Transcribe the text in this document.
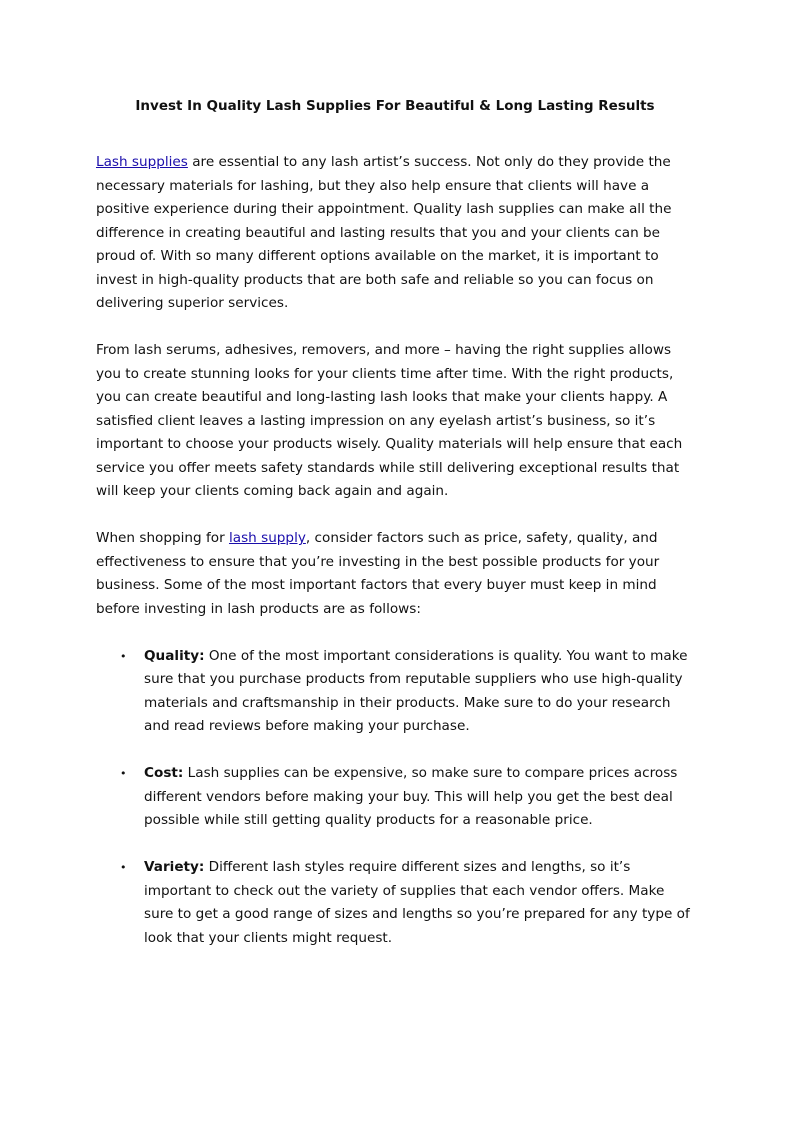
Invest In Quality Lash Supplies For Beautiful & Long Lasting Results

Lash supplies are essential to any lash artist’s success. Not only do they provide the necessary materials for lashing, but they also help ensure that clients will have a positive experience during their appointment. Quality lash supplies can make all the difference in creating beautiful and lasting results that you and your clients can be proud of. With so many different options available on the market, it is important to invest in high-quality products that are both safe and reliable so you can focus on delivering superior services.

From lash serums, adhesives, removers, and more – having the right supplies allows you to create stunning looks for your clients time after time. With the right products, you can create beautiful and long-lasting lash looks that make your clients happy. A satisfied client leaves a lasting impression on any eyelash artist’s business, so it’s important to choose your products wisely. Quality materials will help ensure that each service you offer meets safety standards while still delivering exceptional results that will keep your clients coming back again and again.

When shopping for lash supply, consider factors such as price, safety, quality, and effectiveness to ensure that you’re investing in the best possible products for your business. Some of the most important factors that every buyer must keep in mind before investing in lash products are as follows:

• Quality: One of the most important considerations is quality. You want to make sure that you purchase products from reputable suppliers who use high-quality materials and craftsmanship in their products. Make sure to do your research and read reviews before making your purchase.
• Cost: Lash supplies can be expensive, so make sure to compare prices across different vendors before making your buy. This will help you get the best deal possible while still getting quality products for a reasonable price.
• Variety: Different lash styles require different sizes and lengths, so it’s important to check out the variety of supplies that each vendor offers. Make sure to get a good range of sizes and lengths so you’re prepared for any type of look that your clients might request.
